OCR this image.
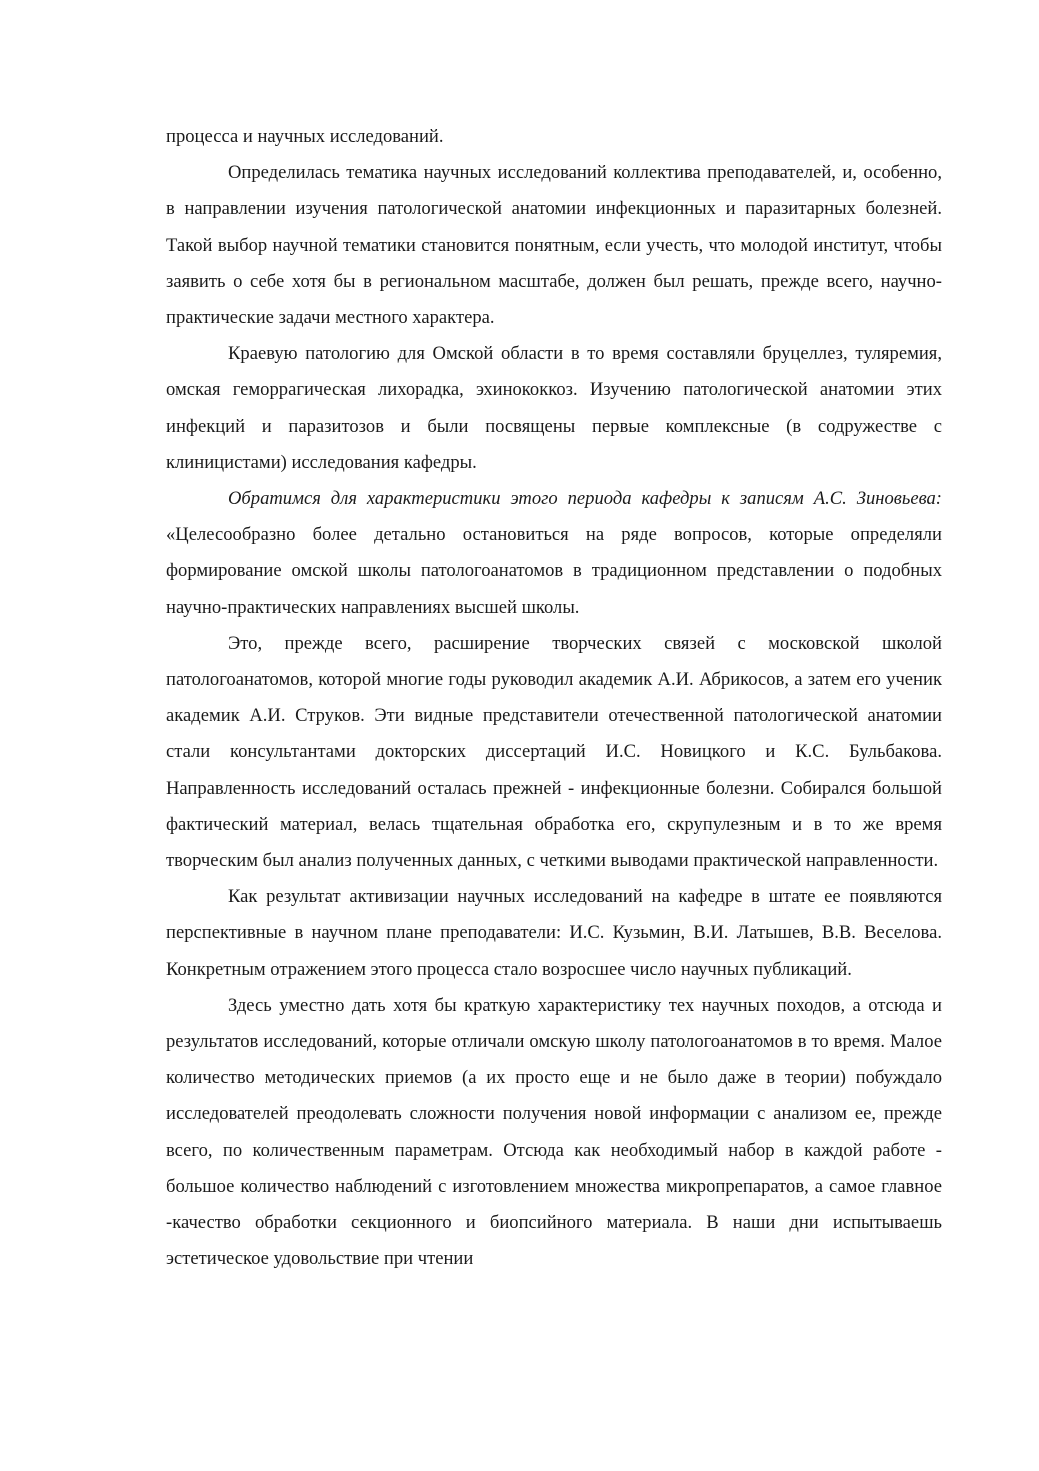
процесса и научных исследований.

Определилась тематика научных исследований коллектива преподавателей, и, особенно, в направлении изучения патологической анатомии инфекционных и паразитарных болезней. Такой выбор научной тематики становится понятным, если учесть, что молодой институт, чтобы заявить о себе хотя бы в региональном масштабе, должен был решать, прежде всего, научно-практические задачи местного характера.

Краевую патологию для Омской области в то время составляли бруцеллез, туляремия, омская геморрагическая лихорадка, эхинококкоз. Изучению патологической анатомии этих инфекций и паразитозов и были посвящены первые комплексные (в содружестве с клиницистами) исследования кафедры.

Обратимся для характеристики этого периода кафедры к записям А.С. Зиновьева: «Целесообразно более детально остановиться на ряде вопросов, которые определяли формирование омской школы патологоанатомов в традиционном представлении о подобных научно-практических направлениях высшей школы.

Это, прежде всего, расширение творческих связей с московской школой патологоанатомов, которой многие годы руководил академик А.И. Абрикосов, а затем его ученик академик А.И. Струков. Эти видные представители отечественной патологической анатомии стали консультантами докторских диссертаций И.С. Новицкого и К.С. Бульбакова. Направленность исследований осталась прежней - инфекционные болезни. Собирался большой фактический материал, велась тщательная обработка его, скрупулезным и в то же время творческим был анализ полученных данных, с четкими выводами практической направленности.

Как результат активизации научных исследований на кафедре в штате ее появляются перспективные в научном плане преподаватели: И.С. Кузьмин, В.И. Латышев, В.В. Веселова. Конкретным отражением этого процесса стало возросшее число научных публикаций.

Здесь уместно дать хотя бы краткую характеристику тех научных походов, а отсюда и результатов исследований, которые отличали омскую школу патологоанатомов в то время. Малое количество методических приемов (а их просто еще и не было даже в теории) побуждало исследователей преодолевать сложности получения новой информации с анализом ее, прежде всего, по количественным параметрам. Отсюда как необходимый набор в каждой работе - большое количество наблюдений с изготовлением множества микропрепаратов, а самое главное -качество обработки секционного и биопсийного материала. В наши дни испытываешь эстетическое удовольствие при чтении
